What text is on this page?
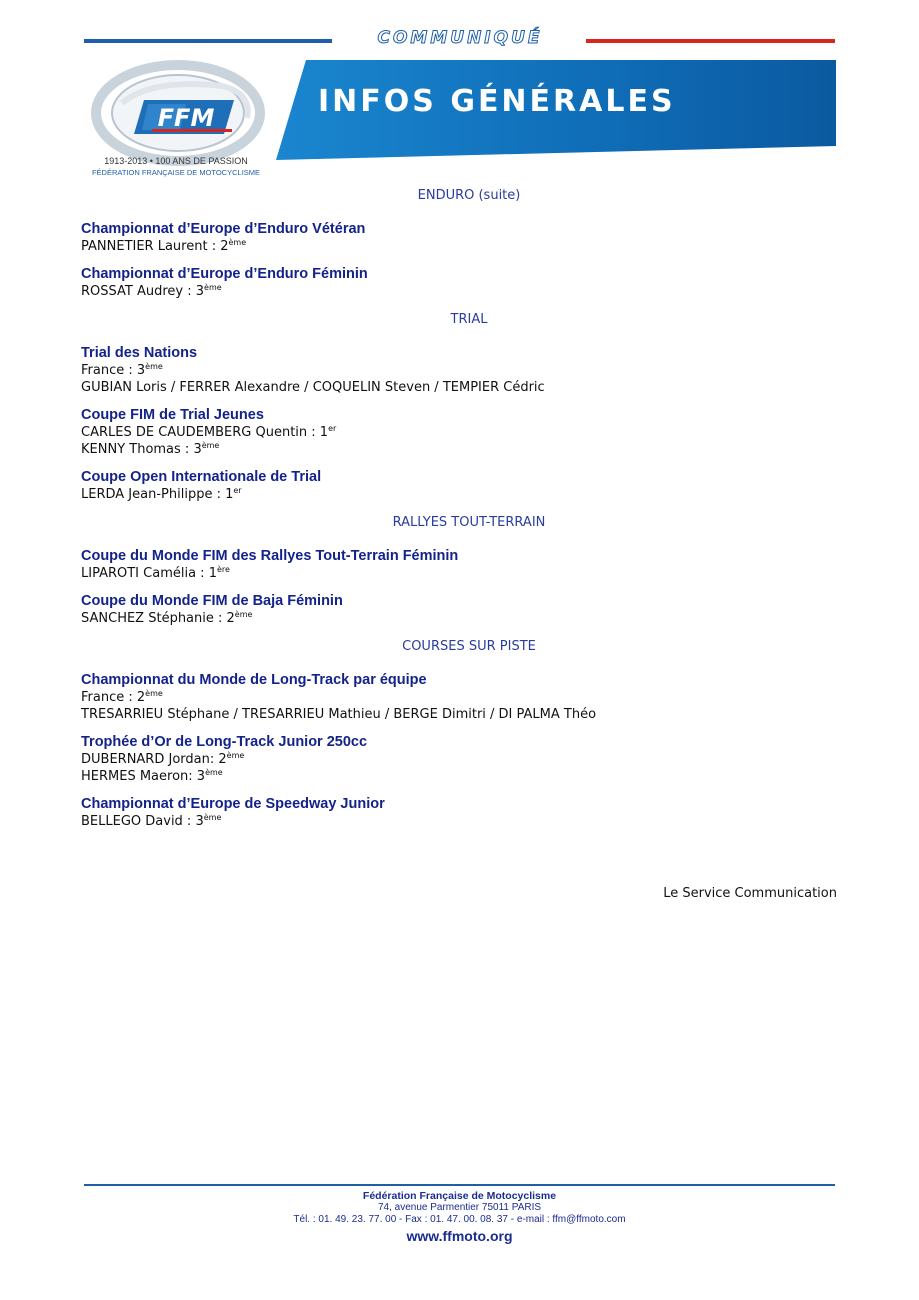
COMMUNIQUÉ
FFM
1913-2013 • 100 ANS DE PASSION
FÉDÉRATION FRANÇAISE DE MOTOCYCLISME
INFOS GÉNÉRALES
ENDURO (suite)
Championnat d’Europe d’Enduro Vétéran
PANNETIER Laurent : 2ème
Championnat d’Europe d’Enduro Féminin
ROSSAT Audrey : 3ème
TRIAL
Trial des Nations
France : 3ème
GUBIAN Loris / FERRER Alexandre / COQUELIN Steven / TEMPIER Cédric
Coupe FIM de Trial Jeunes
CARLES DE CAUDEMBERG Quentin : 1er
KENNY Thomas : 3ème
Coupe Open Internationale de Trial
LERDA Jean-Philippe : 1er
RALLYES TOUT-TERRAIN
Coupe du Monde FIM des Rallyes Tout-Terrain Féminin
LIPAROTI Camélia : 1ère
Coupe du Monde FIM de Baja Féminin
SANCHEZ Stéphanie : 2ème
COURSES SUR PISTE
Championnat du Monde de Long-Track par équipe
France : 2ème
TRESARRIEU Stéphane / TRESARRIEU Mathieu / BERGE Dimitri / DI PALMA Théo
Trophée d’Or de Long-Track Junior 250cc
DUBERNARD Jordan: 2ème
HERMES Maeron: 3ème
Championnat d’Europe de Speedway Junior
BELLEGO David : 3ème
Le Service Communication
Fédération Française de Motocyclisme
74, avenue Parmentier 75011 PARIS
Tél. : 01. 49. 23. 77. 00 - Fax : 01. 47. 00. 08. 37 - e-mail : ffm@ffmoto.com
www.ffmoto.org
